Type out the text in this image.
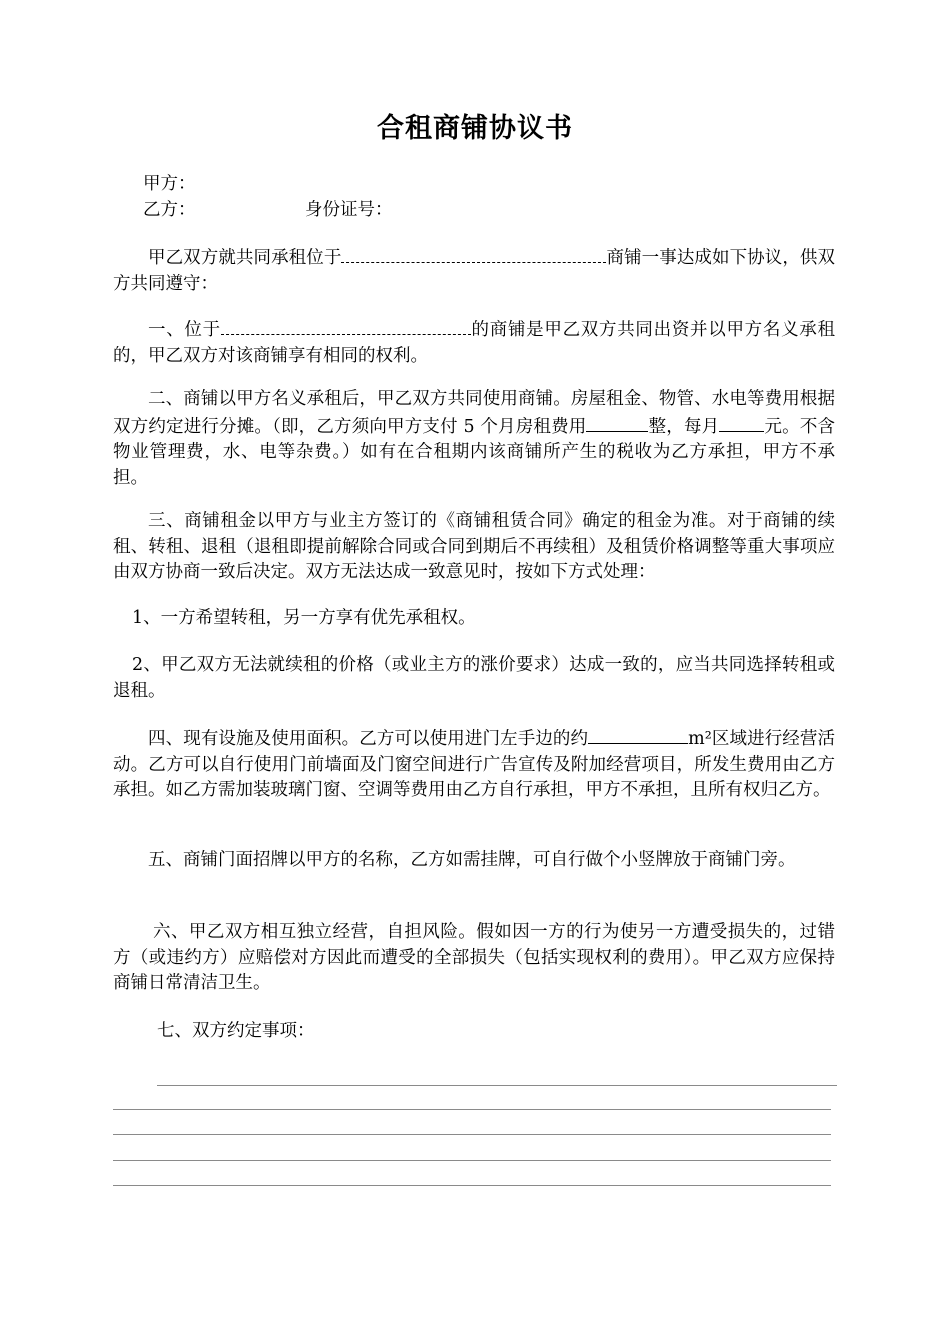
合租商铺协议书
甲方：
乙方：	身份证号：
甲乙双方就共同承租位于	商铺一事达成如下协议，供双方共同遵守：
一、位于	的商铺是甲乙双方共同出资并以甲方名义承租的，甲乙双方对该商铺享有相同的权利。
二、商铺以甲方名义承租后，甲乙双方共同使用商铺。房屋租金、物管、水电等费用根据双方约定进行分摊。（即，乙方须向甲方支付 5 个月房租费用	整，每月	元。不含物业管理费，水、电等杂费。）如有在合租期内该商铺所产生的税收为乙方承担，甲方不承担。
三、商铺租金以甲方与业主方签订的《商铺租赁合同》确定的租金为准。对于商铺的续租、转租、退租（退租即提前解除合同或合同到期后不再续租）及租赁价格调整等重大事项应由双方协商一致后决定。双方无法达成一致意见时，按如下方式处理：
1、一方希望转租，另一方享有优先承租权。
2、甲乙双方无法就续租的价格（或业主方的涨价要求）达成一致的，应当共同选择转租或退租。
四、现有设施及使用面积。乙方可以使用进门左手边的约	m²区域进行经营活动。乙方可以自行使用门前墙面及门窗空间进行广告宣传及附加经营项目，所发生费用由乙方承担。如乙方需加装玻璃门窗、空调等费用由乙方自行承担，甲方不承担，且所有权归乙方。
五、商铺门面招牌以甲方的名称，乙方如需挂牌，可自行做个小竖牌放于商铺门旁。
六、甲乙双方相互独立经营，自担风险。假如因一方的行为使另一方遭受损失的，过错方（或违约方）应赔偿对方因此而遭受的全部损失（包括实现权利的费用）。甲乙双方应保持商铺日常清洁卫生。
七、双方约定事项：
